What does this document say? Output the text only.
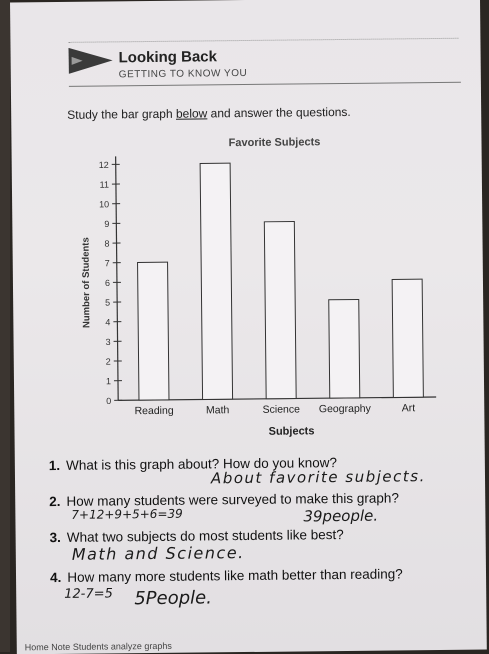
Looking Back
GETTING TO KNOW YOU
Study the bar graph below and answer the questions.
Favorite Subjects
0
1
2
3
4
5
6
7
8
9
10
11
12
Number of Students
Reading	Math	Science Geography	Art
Subjects
1. What is this graph about? How do you know?
About favorite subjects.
2. How many students were surveyed to make this graph?
7+12+9+5+6=39	39people.
3. What two subjects do most students like best?
Math and Science.
4. How many more students like math better than reading?
12-7=5 5People.
Home Note Students analyze graphs
